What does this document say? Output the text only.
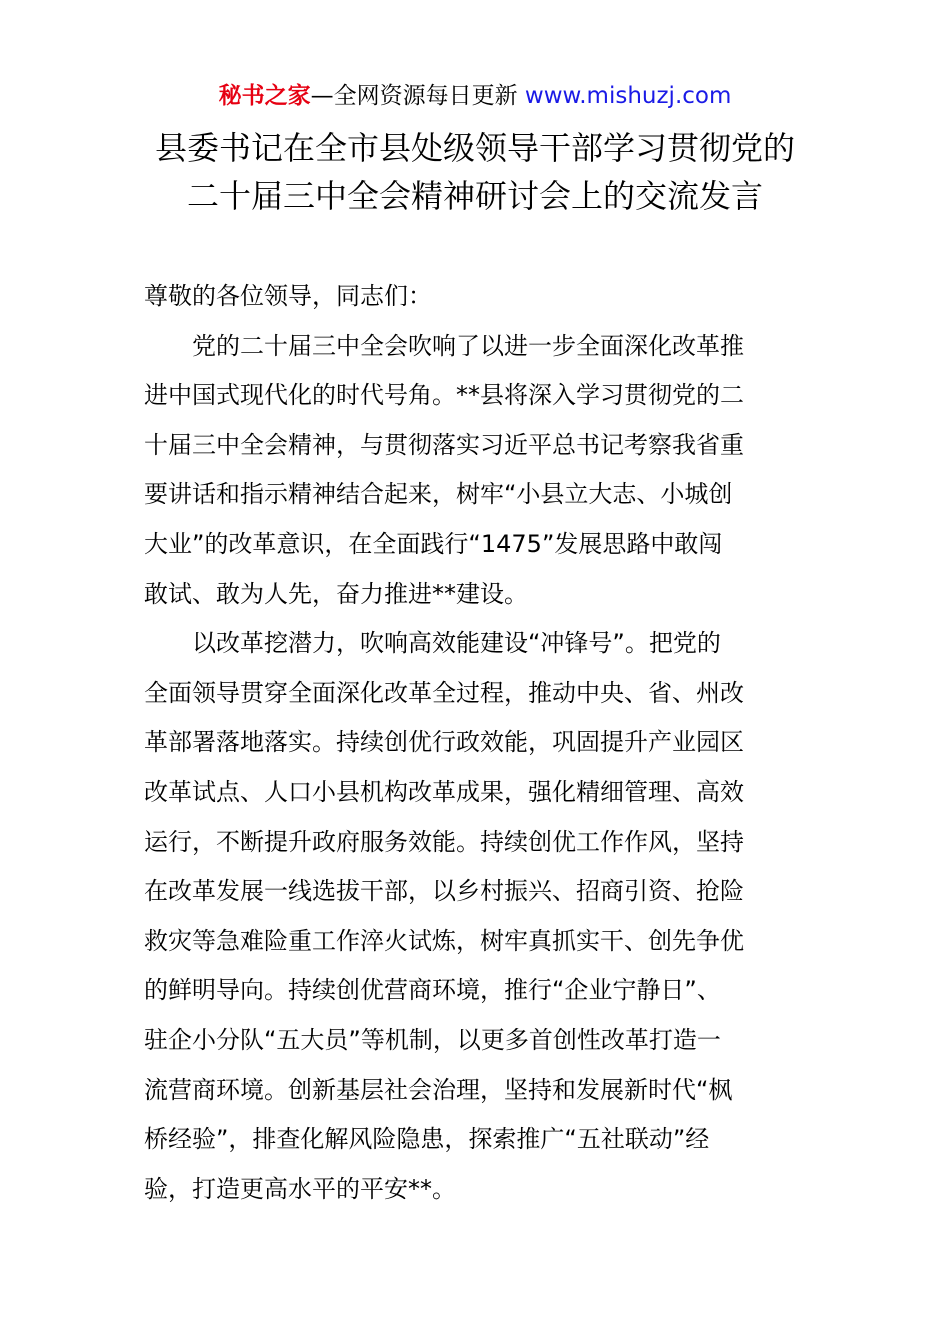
秘书之家—全网资源每日更新 www.mishuzj.com
县委书记在全市县处级领导干部学习贯彻党的
二十届三中全会精神研讨会上的交流发言
尊敬的各位领导，同志们：
　　党的二十届三中全会吹响了以进一步全面深化改革推
进中国式现代化的时代号角。**县将深入学习贯彻党的二
十届三中全会精神，与贯彻落实习近平总书记考察我省重
要讲话和指示精神结合起来，树牢“小县立大志、小城创
大业”的改革意识，在全面践行“1475”发展思路中敢闯
敢试、敢为人先，奋力推进**建设。
　　以改革挖潜力，吹响高效能建设“冲锋号”。把党的
全面领导贯穿全面深化改革全过程，推动中央、省、州改
革部署落地落实。持续创优行政效能，巩固提升产业园区
改革试点、人口小县机构改革成果，强化精细管理、高效
运行，不断提升政府服务效能。持续创优工作作风，坚持
在改革发展一线选拔干部，以乡村振兴、招商引资、抢险
救灾等急难险重工作淬火试炼，树牢真抓实干、创先争优
的鲜明导向。持续创优营商环境，推行“企业宁静日”、
驻企小分队“五大员”等机制，以更多首创性改革打造一
流营商环境。创新基层社会治理，坚持和发展新时代“枫
桥经验”，排查化解风险隐患，探索推广“五社联动”经
验，打造更高水平的平安**。
